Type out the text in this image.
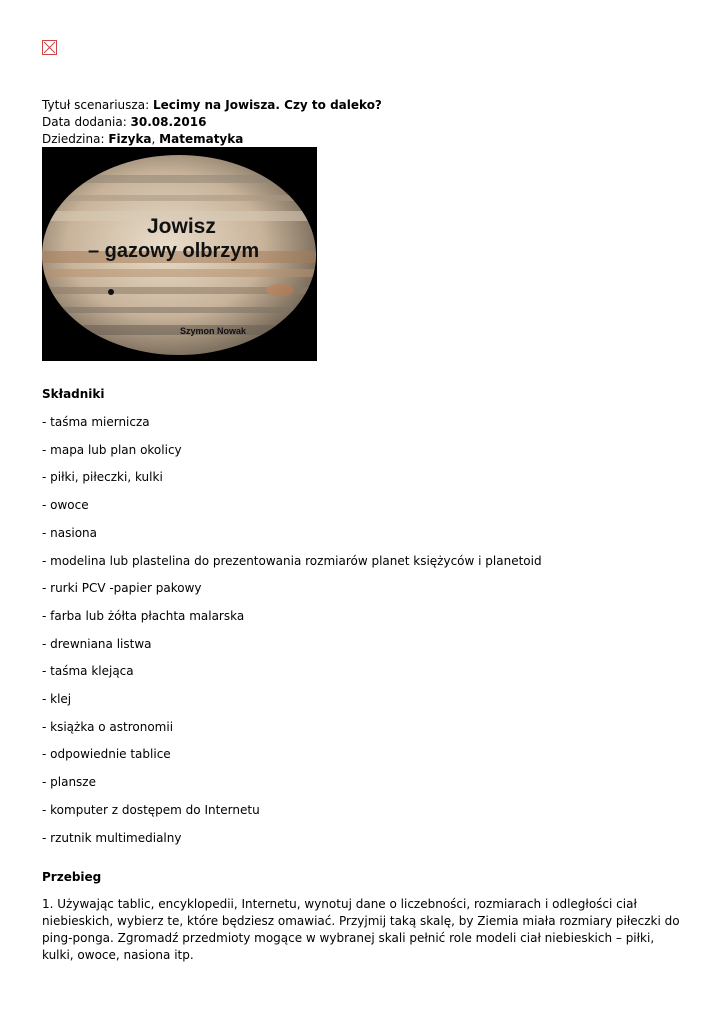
Tytuł scenariusza: Lecimy na Jowisza. Czy to daleko?
Data dodania: 30.08.2016
Dziedzina: Fizyka, Matematyka
Jowisz
– gazowy olbrzym
Szymon Nowak
Składniki
- taśma miernicza
- mapa lub plan okolicy
- piłki, piłeczki, kulki
- owoce
- nasiona
- modelina lub plastelina do prezentowania rozmiarów planet księżyców i planetoid
- rurki PCV -papier pakowy
- farba lub żółta płachta malarska
- drewniana listwa
- taśma klejąca
- klej
- książka o astronomii
- odpowiednie tablice
- plansze
- komputer z dostępem do Internetu
- rzutnik multimedialny
Przebieg
1. Używając tablic, encyklopedii, Internetu, wynotuj dane o liczebności, rozmiarach i odległości ciał niebieskich, wybierz te, które będziesz omawiać. Przyjmij taką skalę, by Ziemia miała rozmiary piłeczki do ping-ponga. Zgromadź przedmioty mogące w wybranej skali pełnić role modeli ciał niebieskich – piłki, kulki, owoce, nasiona itp.
